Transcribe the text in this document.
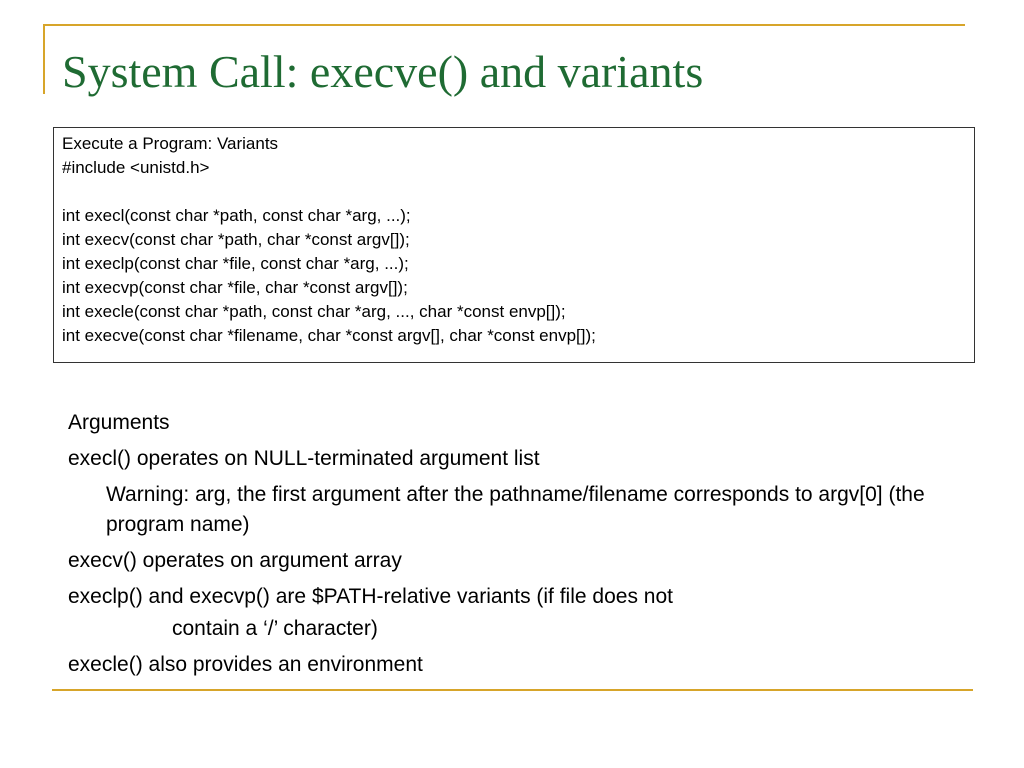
System Call: execve() and variants
Execute a Program: Variants
#include <unistd.h>
int execl(const char *path, const char *arg, ...);
int execv(const char *path, char *const argv[]);
int execlp(const char *file, const char *arg, ...);
int execvp(const char *file, char *const argv[]);
int execle(const char *path, const char *arg, ..., char *const envp[]);
int execve(const char *filename, char *const argv[], char *const envp[]);
Arguments
execl() operates on NULL-terminated argument list
Warning: arg, the first argument after the pathname/filename corresponds to argv[0] (the program name)
execv() operates on argument array
execlp() and execvp() are $PATH-relative variants (if file does not
contain a ‘/’ character)
execle() also provides an environment
